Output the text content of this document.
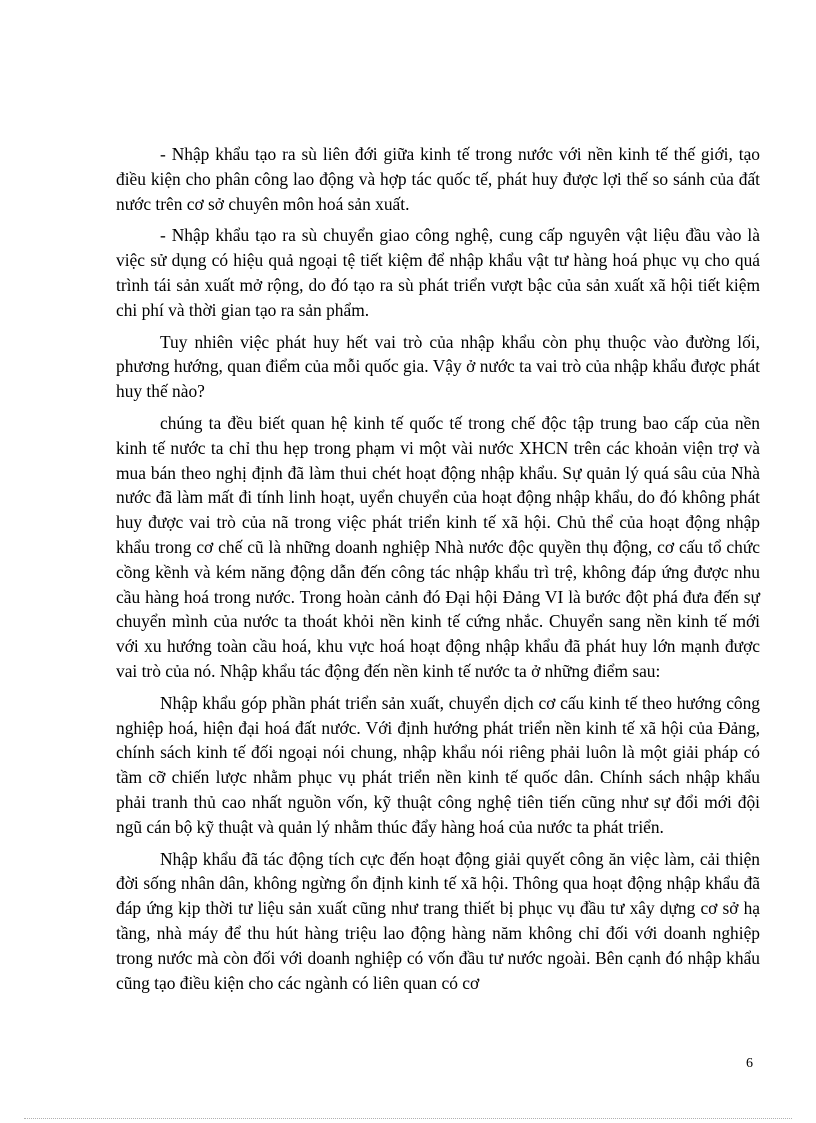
- Nhập khẩu tạo ra sù liên đới giữa kinh tế trong nước với nền kinh tế thế giới, tạo điều kiện cho phân công lao động và hợp tác quốc tế, phát huy được lợi thế so sánh của đất nước trên cơ sở chuyên môn hoá sản xuất.

- Nhập khẩu tạo ra sù chuyển giao công nghệ, cung cấp nguyên vật liệu đầu vào là việc sử dụng có hiệu quả ngoại tệ tiết kiệm để nhập khẩu vật tư hàng hoá phục vụ cho quá trình tái sản xuất mở rộng, do đó tạo ra sù phát triển vượt bậc của sản xuất xã hội tiết kiệm chi phí và thời gian tạo ra sản phẩm.

Tuy nhiên việc phát huy hết vai trò của nhập khẩu còn phụ thuộc vào đường lối, phương hướng, quan điểm của mỗi quốc gia. Vậy ở nước ta vai trò của nhập khẩu được phát huy thế nào?

chúng ta đều biết quan hệ kinh tế quốc tế trong chế độc tập trung bao cấp của nền kinh tế nước ta chỉ thu hẹp trong phạm vi một vài nước XHCN trên các khoản viện trợ và mua bán theo nghị định đã làm thui chét hoạt động nhập khẩu. Sự quản lý quá sâu của Nhà nước đã làm mất đi tính linh hoạt, uyển chuyển của hoạt động nhập khẩu, do đó không phát huy được vai trò của nã trong việc phát triển kinh tế xã hội. Chủ thể của hoạt động nhập khẩu trong cơ chế cũ là những doanh nghiệp Nhà nước độc quyền thụ động, cơ cấu tổ chức cồng kềnh và kém năng động dẫn đến công tác nhập khẩu trì trệ, không đáp ứng được nhu cầu hàng hoá trong nước. Trong hoàn cảnh đó Đại hội Đảng VI là bước đột phá đưa đến sự chuyển mình của nước ta thoát khỏi nền kinh tế cứng nhắc. Chuyển sang nền kinh tế mới với xu hướng toàn cầu hoá, khu vực hoá hoạt động nhập khẩu đã phát huy lớn mạnh được vai trò của nó. Nhập khẩu tác động đến nền kinh tế nước ta ở những điểm sau:

Nhập khẩu góp phần phát triển sản xuất, chuyển dịch cơ cấu kinh tế theo hướng công nghiệp hoá, hiện đại hoá đất nước. Với định hướng phát triển nền kinh tế xã hội của Đảng, chính sách kinh tế đối ngoại nói chung, nhập khẩu nói riêng phải luôn là một giải pháp có tầm cỡ chiến lược nhằm phục vụ phát triển nền kinh tế quốc dân. Chính sách nhập khẩu phải tranh thủ cao nhất nguồn vốn, kỹ thuật công nghệ tiên tiến cũng như sự đổi mới đội ngũ cán bộ kỹ thuật và quản lý nhằm thúc đẩy hàng hoá của nước ta phát triển.

Nhập khẩu đã tác động tích cực đến hoạt động giải quyết công ăn việc làm, cải thiện đời sống nhân dân, không ngừng ổn định kinh tế xã hội. Thông qua hoạt động nhập khẩu đã đáp ứng kịp thời tư liệu sản xuất cũng như trang thiết bị phục vụ đầu tư xây dựng cơ sở hạ tầng, nhà máy để thu hút hàng triệu lao động hàng năm không chỉ đối với doanh nghiệp trong nước mà còn đối với doanh nghiệp có vốn đầu tư nước ngoài. Bên cạnh đó nhập khẩu cũng tạo điều kiện cho các ngành có liên quan có cơ

6
